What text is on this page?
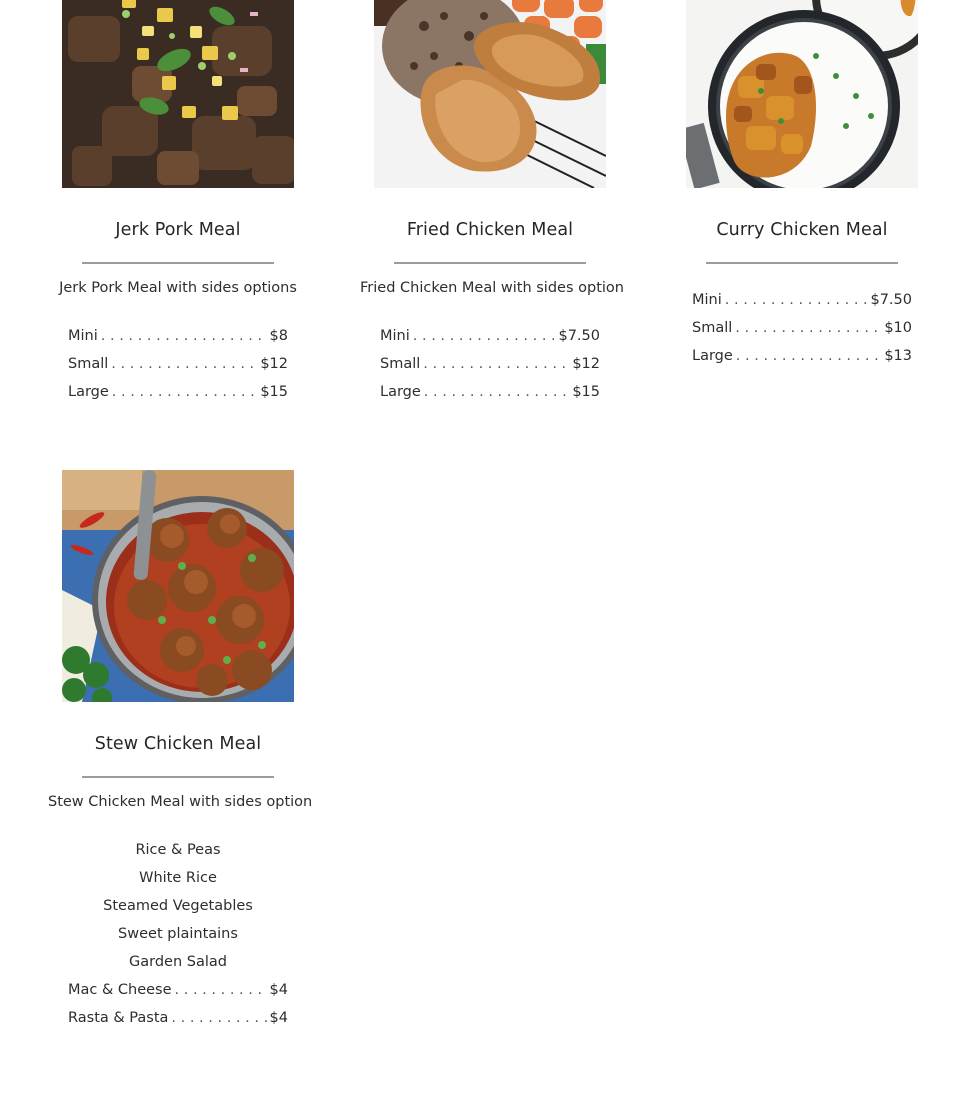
Jerk Pork Meal
Jerk Pork Meal with sides options
Mini . . .	$8
Small . . .	$12
Large . . .	$15
Fried Chicken Meal
Fried Chicken Meal with sides option
Mini . . .	$7.50
Small . . .	$12
Large . . .	$15
Curry Chicken Meal
Mini . . .	$7.50
Small . . .	$10
Large . . .	$13
Stew Chicken Meal
Stew Chicken Meal with sides option
Rice & Peas
White Rice
Steamed Vegetables
Sweet plaintains
Garden Salad
Mac & Cheese . . .	$4
Rasta & Pasta . . .	$4
